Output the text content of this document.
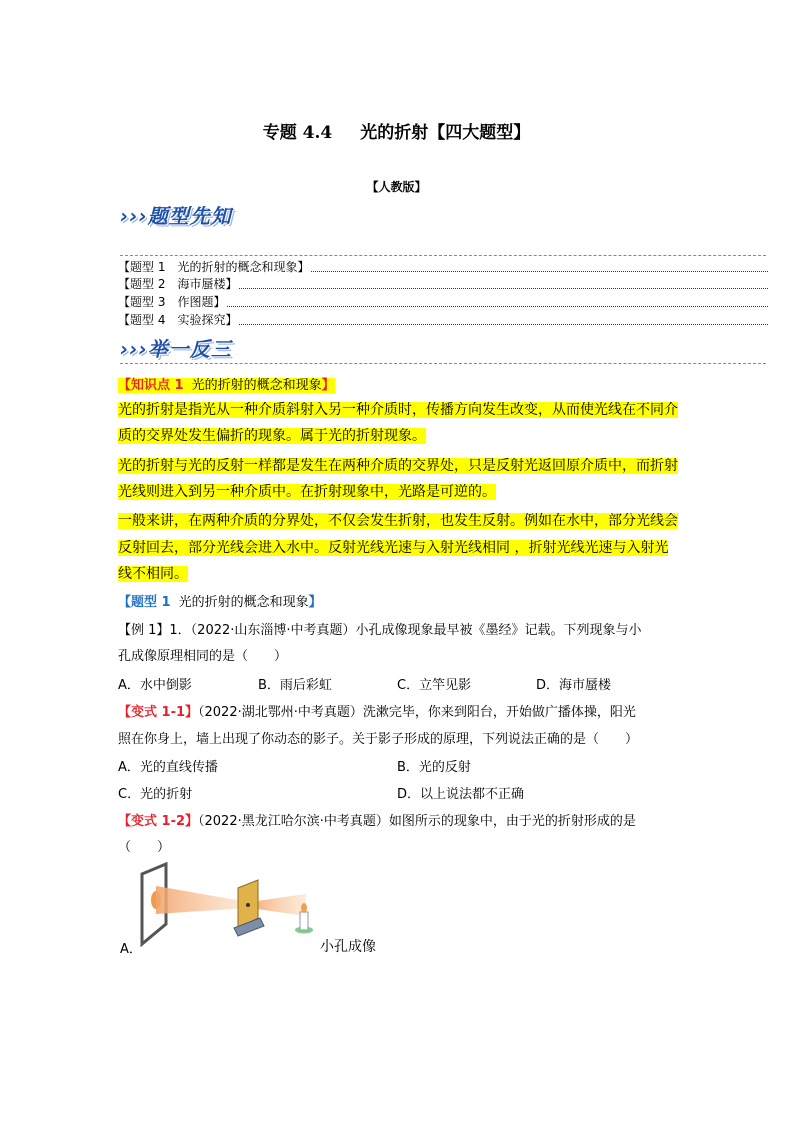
专题 4.4 光的折射【四大题型】
【人教版】
›››题型先知
【题型 1　光的折射的概念和现象】
【题型 2　海市蜃楼】
【题型 3　作图题】
【题型 4　实验探究】
›››举一反三
【知识点 1 光的折射的概念和现象】
光的折射是指光从一种介质斜射入另一种介质时，传播方向发生改变，从而使光线在不同介
质的交界处发生偏折的现象。属于光的折射现象。
光的折射与光的反射一样都是发生在两种介质的交界处，只是反射光返回原介质中，而折射
光线则进入到另一种介质中。在折射现象中，光路是可逆的。
一般来讲，在两种介质的分界处，不仅会发生折射，也发生反射。例如在水中，部分光线会
反射回去，部分光线会进入水中。反射光线光速与入射光线相同 ，折射光线光速与入射光
线不相同。
【题型 1 光的折射的概念和现象】
【例 1】1．（2022·山东淄博·中考真题）小孔成像现象最早被《墨经》记载。下列现象与小
孔成像原理相同的是（　　）
A．水中倒影	B．雨后彩虹	C．立竿见影	D．海市蜃楼
【变式 1-1】（2022·湖北鄂州·中考真题）洗漱完毕，你来到阳台，开始做广播体操，阳光
照在你身上，墙上出现了你动态的影子。关于影子形成的原理，下列说法正确的是（　　）
A．光的直线传播	B．光的反射
C．光的折射	D．以上说法都不正确
【变式 1-2】（2022·黑龙江哈尔滨·中考真题）如图所示的现象中，由于光的折射形成的是
（　　）
A．	小孔成像
